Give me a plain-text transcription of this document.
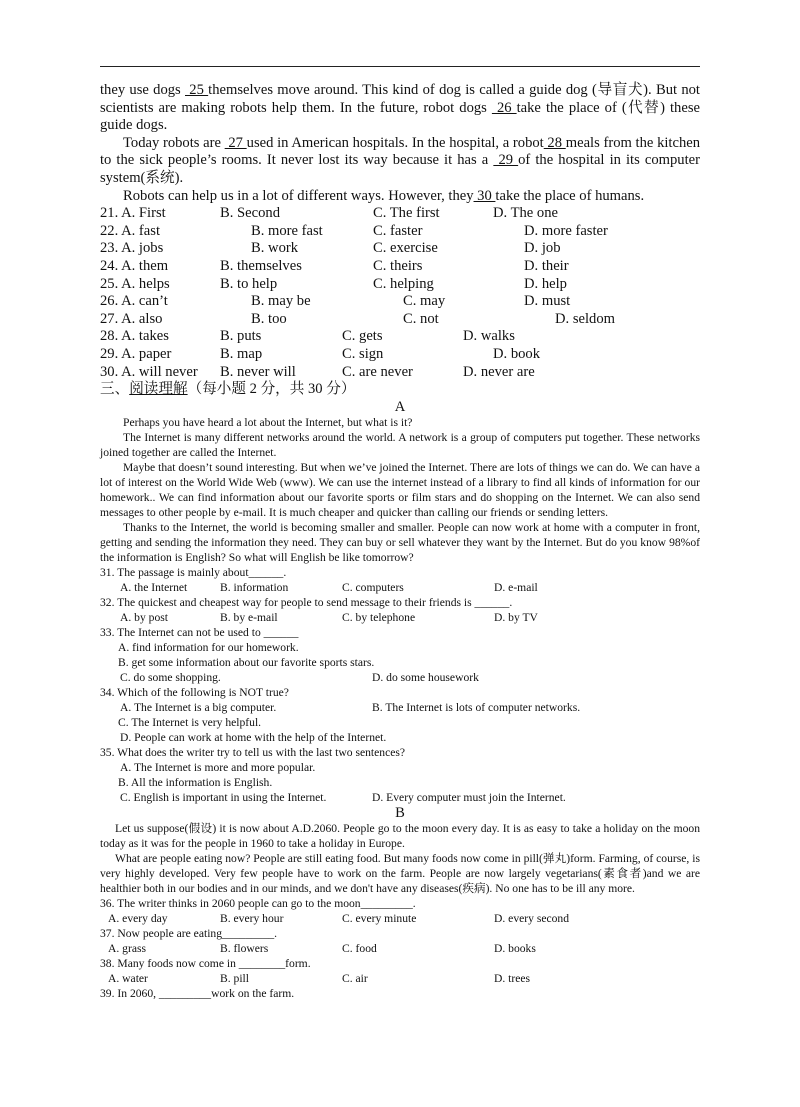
they use dogs  25 themselves move around. This kind of dog is called a guide dog (导盲犬). But not scientists are making robots help them. In the future, robot dogs  26 take the place of (代替) these guide dogs.

Today robots are  27 used in American hospitals. In the hospital, a robot 28 meals from the kitchen to the sick people’s rooms. It never lost its way because it has a  29 of the hospital in its computer system(系统).

Robots can help us in a lot of different ways. However, they 30 take the place of humans.

21. A. First	B. Second	C. The first	D. The one
22. A. fast	B. more fast	C. faster	D. more faster
23. A. jobs	B. work	C. exercise	D. job
24. A. them	B. themselves	C. theirs	D. their
25. A. helps	B. to help	C. helping	D. help
26. A. can’t	B. may be	C. may	D. must
27. A. also	B. too	C. not	D. seldom
28. A. takes	B. puts	C. gets	D. walks
29. A. paper	B. map	C. sign	D. book
30. A. will never B. never will	C. are never	D. never are

三、阅读理解（每小题 2 分，共 30 分）

A

Perhaps you have heard a lot about the Internet, but what is it?

The Internet is many different networks around the world. A network is a group of computers put together. These networks joined together are called the Internet.

Maybe that doesn’t sound interesting. But when we’ve joined the Internet. There are lots of things we can do. We can have a lot of interest on the World Wide Web (www). We can use the internet instead of a library to find all kinds of information for our homework.. We can find information about our favorite sports or film stars and do shopping on the Internet. We can also send messages to other people by e-mail. It is much cheaper and quicker than calling our friends or sending letters.

Thanks to the Internet, the world is becoming smaller and smaller. People can now work at home with a computer in front, getting and sending the information they need. They can buy or sell whatever they want by the Internet. But do you know 98%of the information is English? So what will English be like tomorrow?

31. The passage is mainly about______.

A. the Internet	B. information	C. computers	D. e-mail

32. The quickest and cheapest way for people to send message to their friends is ______.

A. by post	B. by e-mail	C. by telephone	D. by TV

33. The Internet can not be used to ______

A. find information for our homework.

B. get some information about our favorite sports stars.

C. do some shopping.	D. do some housework

34. Which of the following is NOT true?

A. The Internet is a big computer.	B. The Internet is lots of computer networks.

C. The Internet is very helpful.

D. People can work at home with the help of the Internet.

35. What does the writer try to tell us with the last two sentences?

A. The Internet is more and more popular.

B. All the information is English.

C. English is important in using the Internet.	D. Every computer must join the Internet.

B

Let us suppose(假设) it is now about A.D.2060. People go to the moon every day. It is as easy to take a holiday on the moon today as it was for the people in 1960 to take a holiday in Europe.

What are people eating now? People are still eating food. But many foods now come in pill(弹丸)form. Farming, of course, is very highly developed. Very few people have to work on the farm. People are now largely vegetarians(素食者)and we are healthier both in our bodies and in our minds, and we don't have any diseases(疾病). No one has to be ill any more.

36. The writer thinks in 2060 people can go to the moon_________.

A. every day	B. every hour	C. every minute	D. every second

37. Now people are eating_________.

A. grass	B. flowers	C. food	D. books

38. Many foods now come in ________form.

A. water	B. pill	C. air	D. trees

39. In 2060, _________work on the farm.
